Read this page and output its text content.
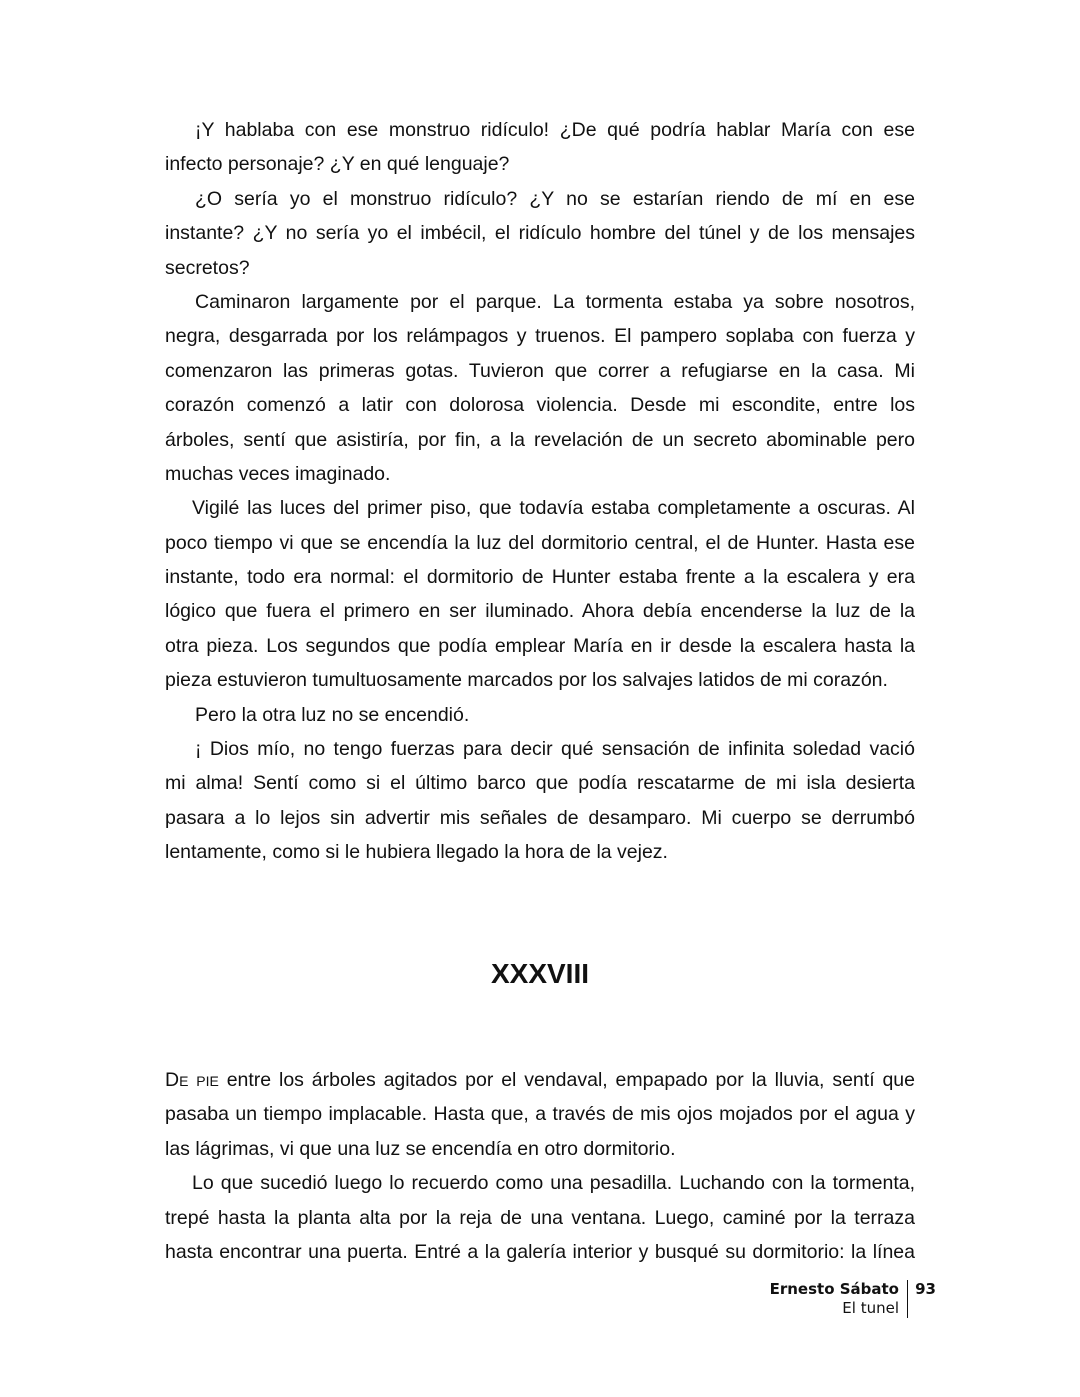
¡Y hablaba con ese monstruo ridículo! ¿De qué podría hablar María con ese
infecto personaje? ¿Y en qué lenguaje?
¿O sería yo el monstruo ridículo? ¿Y no se estarían riendo de mí en ese
instante? ¿Y no sería yo el imbécil, el ridículo hombre del túnel y de los mensajes
secretos?
Caminaron largamente por el parque. La tormenta estaba ya sobre nosotros,
negra, desgarrada por los relámpagos y truenos. El pampero soplaba con fuerza y
comenzaron las primeras gotas. Tuvieron que correr a refugiarse en la casa. Mi
corazón comenzó a latir con dolorosa violencia. Desde mi escondite, entre los
árboles, sentí que asistiría, por fin, a la revelación de un secreto abominable pero
muchas veces imaginado.
Vigilé las luces del primer piso, que todavía estaba completamente a oscuras. Al
poco tiempo vi que se encendía la luz del dormitorio central, el de Hunter. Hasta ese
instante, todo era normal: el dormitorio de Hunter estaba frente a la escalera y era
lógico que fuera el primero en ser iluminado. Ahora debía encenderse la luz de la
otra pieza. Los segundos que podía emplear María en ir desde la escalera hasta la
pieza estuvieron tumultuosamente marcados por los salvajes latidos de mi corazón.
Pero la otra luz no se encendió.
¡ Dios mío, no tengo fuerzas para decir qué sensación de infinita soledad vació
mi alma! Sentí como si el último barco que podía rescatarme de mi isla desierta
pasara a lo lejos sin advertir mis señales de desamparo. Mi cuerpo se derrumbó
lentamente, como si le hubiera llegado la hora de la vejez.
XXXVIII
De pie entre los árboles agitados por el vendaval, empapado por la lluvia, sentí que
pasaba un tiempo implacable. Hasta que, a través de mis ojos mojados por el agua y
las lágrimas, vi que una luz se encendía en otro dormitorio.
Lo que sucedió luego lo recuerdo como una pesadilla. Luchando con la tormenta,
trepé hasta la planta alta por la reja de una ventana. Luego, caminé por la terraza
hasta encontrar una puerta. Entré a la galería interior y busqué su dormitorio: la línea
Ernesto Sábato
El tunel
93
